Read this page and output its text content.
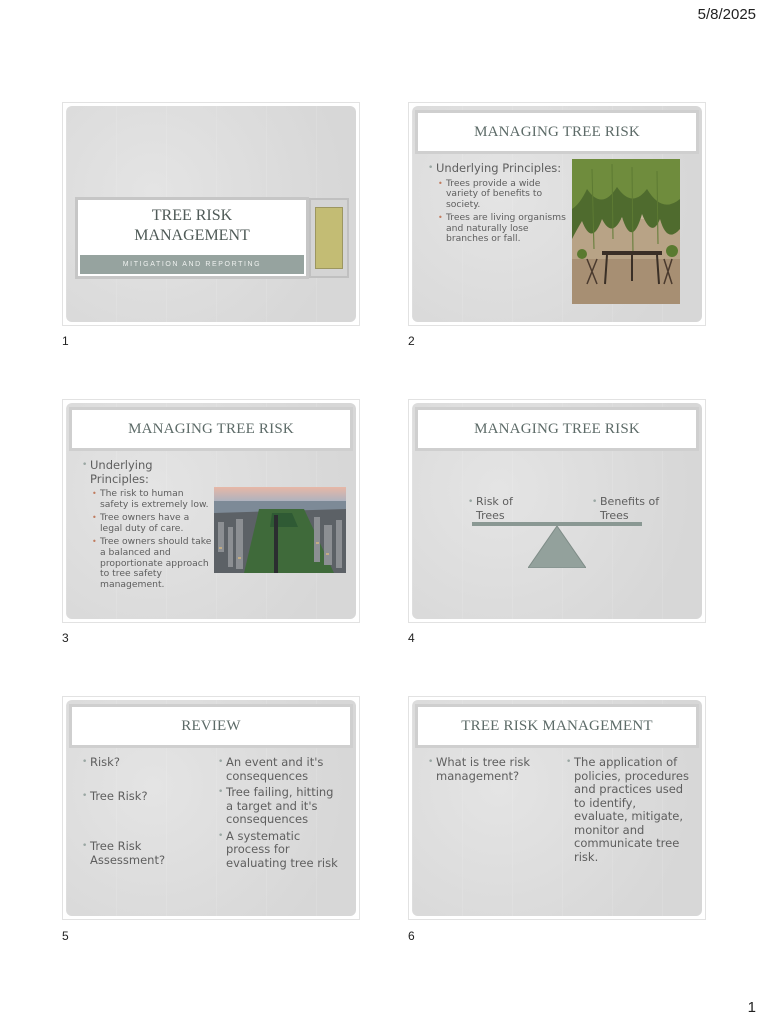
5/8/2025
TREE RISK
MANAGEMENT
MITIGATION AND REPORTING
1
MANAGING TREE RISK
• Underlying Principles:
• Trees provide a wide variety of benefits to society.
• Trees are living organisms and naturally lose branches or fall.
2
MANAGING TREE RISK
• Underlying Principles:
• The risk to human safety is extremely low.
• Tree owners have a legal duty of care.
• Tree owners should take a balanced and proportionate approach to tree safety management.
3
MANAGING TREE RISK
• Risk of Trees
• Benefits of Trees
4
REVIEW
• Risk?
• Tree Risk?
• Tree Risk Assessment?
• An event and it's consequences
• Tree failing, hitting a target and it's consequences
• A systematic process for evaluating tree risk
5
TREE RISK MANAGEMENT
• What is tree risk management?
• The application of policies, procedures and practices used to identify, evaluate, mitigate, monitor and communicate tree risk.
6
1
